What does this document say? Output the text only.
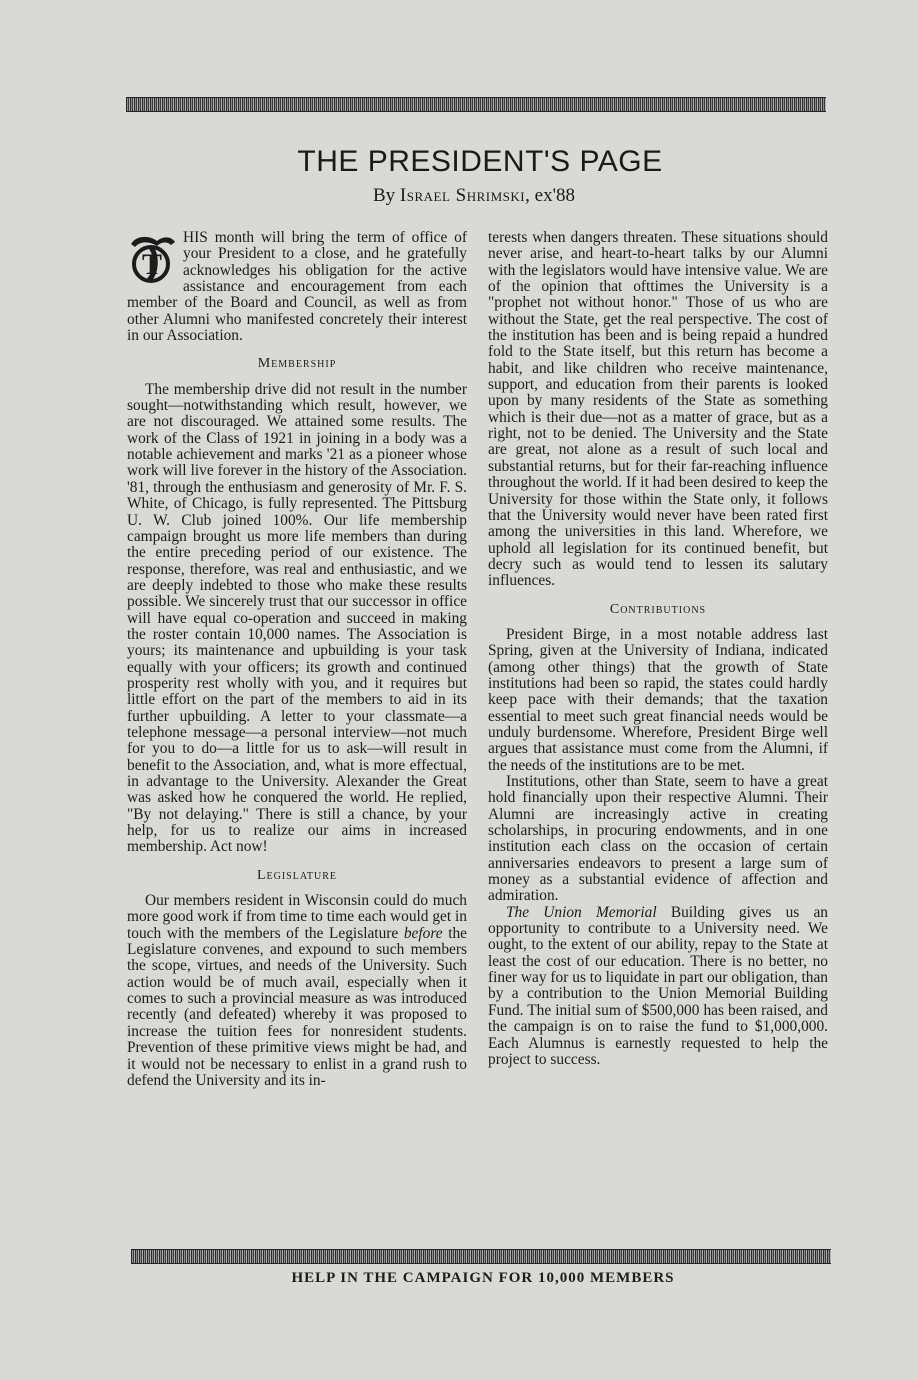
THE PRESIDENT'S PAGE
By Israel Shrimski, ex'88

T
HIS month will bring the term of office of your President to a close, and he gratefully acknowledges his obligation for the active assistance and encouragement from each member of the Board and Council, as well as from other Alumni who manifested concretely their interest in our Association.

Membership

The membership drive did not result in the number sought—notwithstanding which result, however, we are not discouraged. We attained some results. The work of the Class of 1921 in joining in a body was a notable achievement and marks '21 as a pioneer whose work will live forever in the history of the Association. '81, through the enthusiasm and generosity of Mr. F. S. White, of Chicago, is fully represented. The Pittsburg U. W. Club joined 100%. Our life membership campaign brought us more life members than during the entire preceding period of our existence. The response, therefore, was real and enthusiastic, and we are deeply indebted to those who make these results possible. We sincerely trust that our successor in office will have equal co-operation and succeed in making the roster contain 10,000 names. The Association is yours; its maintenance and upbuilding is your task equally with your officers; its growth and continued prosperity rest wholly with you, and it requires but little effort on the part of the members to aid in its further upbuilding. A letter to your classmate—a telephone message—a personal interview—not much for you to do—a little for us to ask—will result in benefit to the Association, and, what is more effectual, in advantage to the University. Alexander the Great was asked how he conquered the world. He replied, "By not delaying." There is still a chance, by your help, for us to realize our aims in increased membership. Act now!

Legislature

Our members resident in Wisconsin could do much more good work if from time to time each would get in touch with the members of the Legislature before the Legislature convenes, and expound to such members the scope, virtues, and needs of the University. Such action would be of much avail, especially when it comes to such a provincial measure as was introduced recently (and defeated) whereby it was proposed to increase the tuition fees for nonresident students. Prevention of these primitive views might be had, and it would not be necessary to enlist in a grand rush to defend the University and its in-

terests when dangers threaten. These situations should never arise, and heart-to-heart talks by our Alumni with the legislators would have intensive value. We are of the opinion that ofttimes the University is a "prophet not without honor." Those of us who are without the State, get the real perspective. The cost of the institution has been and is being repaid a hundred fold to the State itself, but this return has become a habit, and like children who receive maintenance, support, and education from their parents is looked upon by many residents of the State as something which is their due—not as a matter of grace, but as a right, not to be denied. The University and the State are great, not alone as a result of such local and substantial returns, but for their far-reaching influence throughout the world. If it had been desired to keep the University for those within the State only, it follows that the University would never have been rated first among the universities in this land. Wherefore, we uphold all legislation for its continued benefit, but decry such as would tend to lessen its salutary influences.

Contributions

President Birge, in a most notable address last Spring, given at the University of Indiana, indicated (among other things) that the growth of State institutions had been so rapid, the states could hardly keep pace with their demands; that the taxation essential to meet such great financial needs would be unduly burdensome. Wherefore, President Birge well argues that assistance must come from the Alumni, if the needs of the institutions are to be met.

Institutions, other than State, seem to have a great hold financially upon their respective Alumni. Their Alumni are increasingly active in creating scholarships, in procuring endowments, and in one institution each class on the occasion of certain anniversaries endeavors to present a large sum of money as a substantial evidence of affection and admiration.

The Union Memorial Building gives us an opportunity to contribute to a University need. We ought, to the extent of our ability, repay to the State at least the cost of our education. There is no better, no finer way for us to liquidate in part our obligation, than by a contribution to the Union Memorial Building Fund. The initial sum of $500,000 has been raised, and the campaign is on to raise the fund to $1,000,000. Each Alumnus is earnestly requested to help the project to success.

HELP IN THE CAMPAIGN FOR 10,000 MEMBERS
